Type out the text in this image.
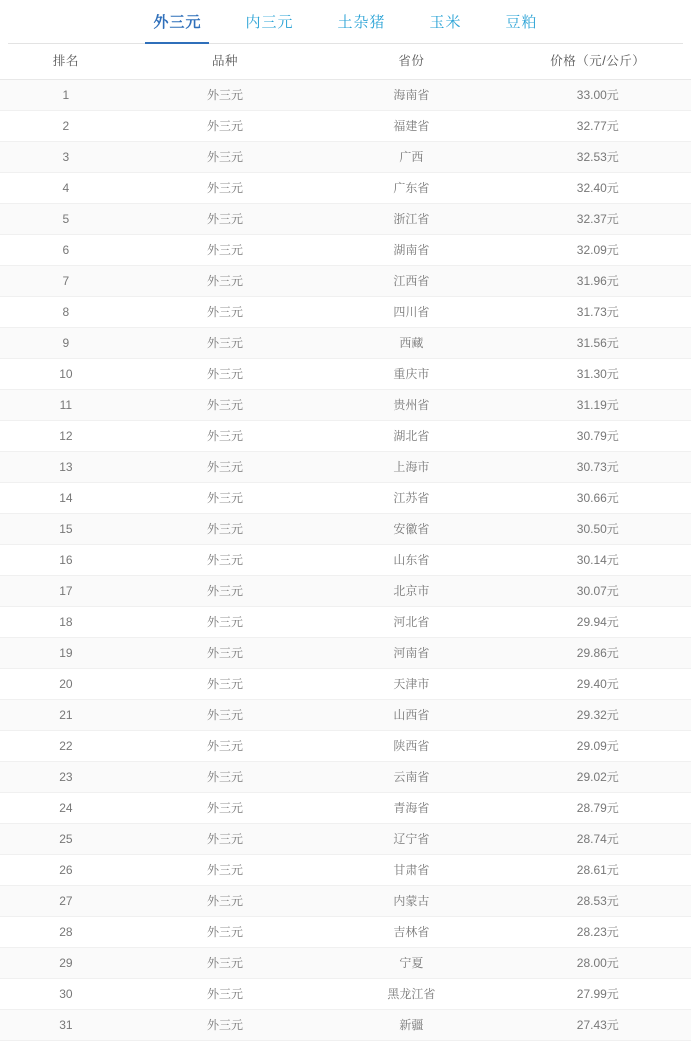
外三元	内三元	土杂猪	玉米	豆粕
排名	品种	省份	价格（元/公斤）
1	外三元	海南省	33.00元
2	外三元	福建省	32.77元
3	外三元	广西	32.53元
4	外三元	广东省	32.40元
5	外三元	浙江省	32.37元
6	外三元	湖南省	32.09元
7	外三元	江西省	31.96元
8	外三元	四川省	31.73元
9	外三元	西藏	31.56元
10	外三元	重庆市	31.30元
11	外三元	贵州省	31.19元
12	外三元	湖北省	30.79元
13	外三元	上海市	30.73元
14	外三元	江苏省	30.66元
15	外三元	安徽省	30.50元
16	外三元	山东省	30.14元
17	外三元	北京市	30.07元
18	外三元	河北省	29.94元
19	外三元	河南省	29.86元
20	外三元	天津市	29.40元
21	外三元	山西省	29.32元
22	外三元	陕西省	29.09元
23	外三元	云南省	29.02元
24	外三元	青海省	28.79元
25	外三元	辽宁省	28.74元
26	外三元	甘肃省	28.61元
27	外三元	内蒙古	28.53元
28	外三元	吉林省	28.23元
29	外三元	宁夏	28.00元
30	外三元	黑龙江省	27.99元
31	外三元	新疆	27.43元
